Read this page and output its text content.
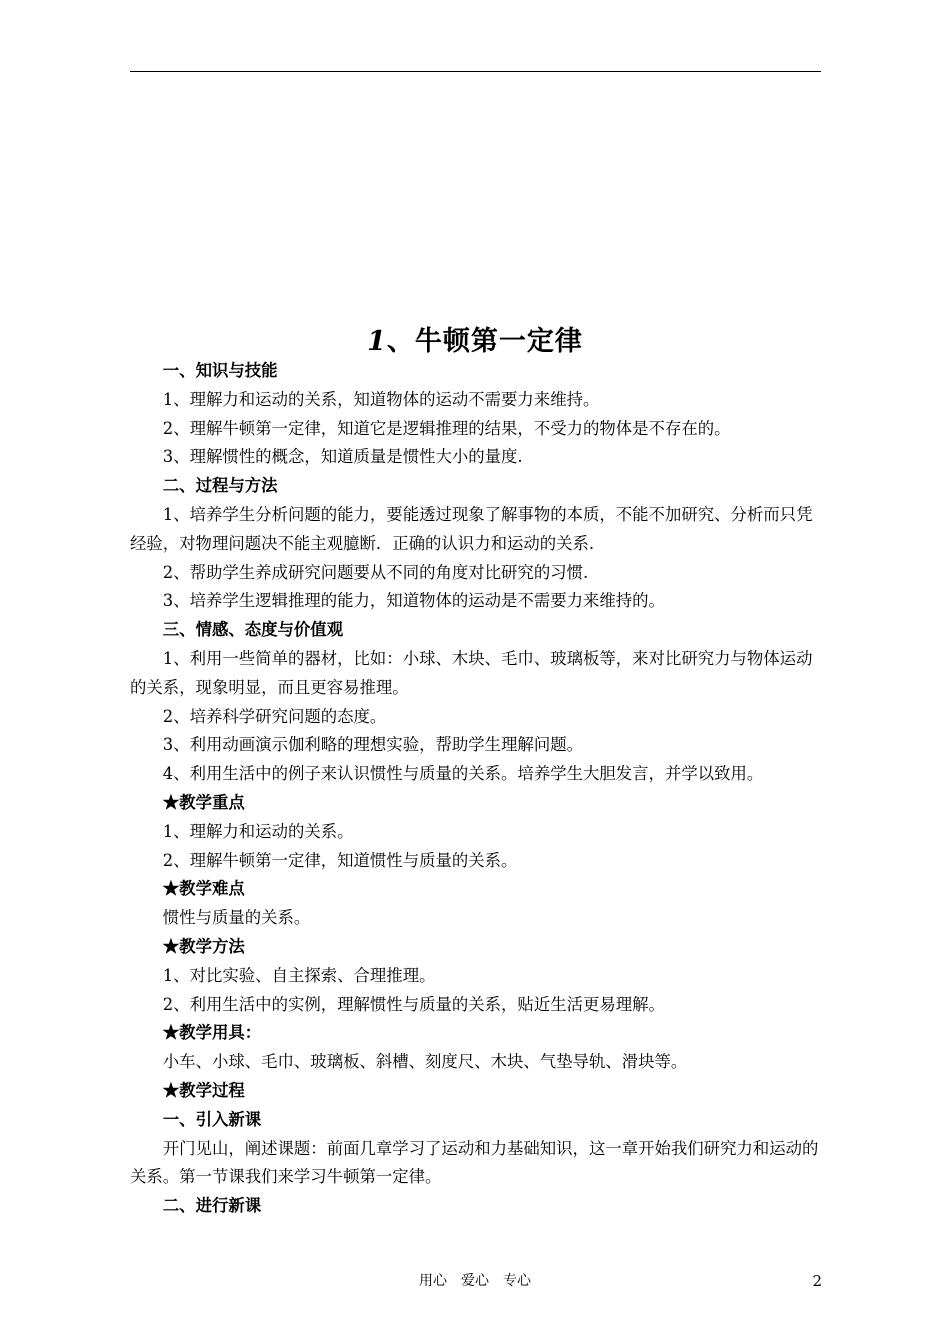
1、牛顿第一定律

一、知识与技能

1、理解力和运动的关系，知道物体的运动不需要力来维持。

2、理解牛顿第一定律，知道它是逻辑推理的结果，不受力的物体是不存在的。

3、理解惯性的概念，知道质量是惯性大小的量度.

二、过程与方法

1、培养学生分析问题的能力，要能透过现象了解事物的本质，不能不加研究、分析而只凭经验，对物理问题决不能主观臆断．正确的认识力和运动的关系.

2、帮助学生养成研究问题要从不同的角度对比研究的习惯.

3、培养学生逻辑推理的能力，知道物体的运动是不需要力来维持的。

三、情感、态度与价值观

1、利用一些简单的器材，比如：小球、木块、毛巾、玻璃板等，来对比研究力与物体运动的关系，现象明显，而且更容易推理。

2、培养科学研究问题的态度。

3、利用动画演示伽利略的理想实验，帮助学生理解问题。

4、利用生活中的例子来认识惯性与质量的关系。培养学生大胆发言，并学以致用。

★教学重点

1、理解力和运动的关系。

2、理解牛顿第一定律，知道惯性与质量的关系。

★教学难点

惯性与质量的关系。

★教学方法

1、对比实验、自主探索、合理推理。

2、利用生活中的实例，理解惯性与质量的关系，贴近生活更易理解。

★教学用具：

小车、小球、毛巾、玻璃板、斜槽、刻度尺、木块、气垫导轨、滑块等。

★教学过程

一、引入新课

开门见山，阐述课题：前面几章学习了运动和力基础知识，这一章开始我们研究力和运动的关系。第一节课我们来学习牛顿第一定律。

二、进行新课

用心　爱心　专心	2
